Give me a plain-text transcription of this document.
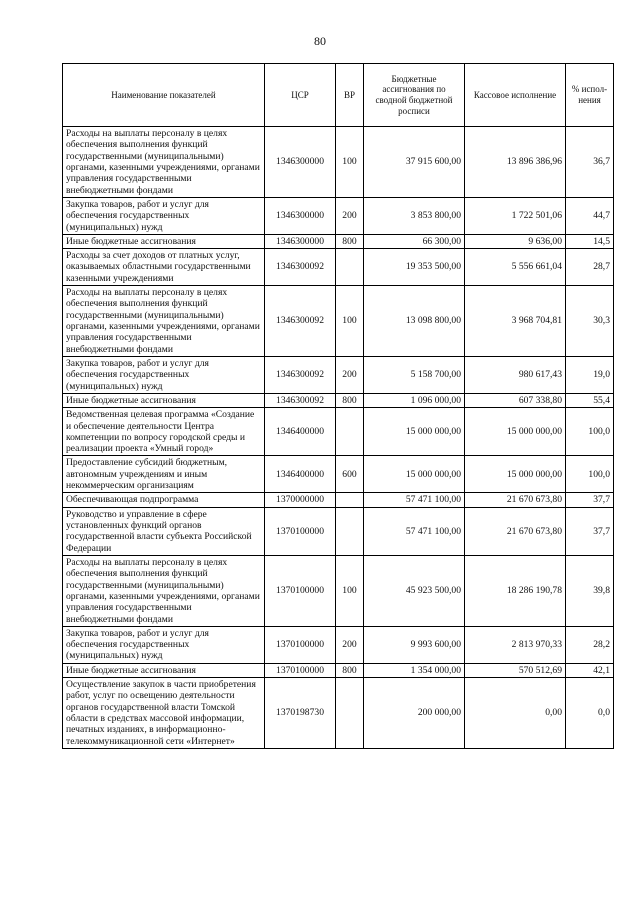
80
Наименование показателей	ЦСР	ВР	Бюджетные ассигнования по сводной бюджетной росписи	Кассовое исполнение	% испол-нения
Расходы на выплаты персоналу в целях обеспечения выполнения функций государственными (муниципальными) органами, казенными учреждениями, органами управления государственными внебюджетными фондами	1346300000	100	37 915 600,00	13 896 386,96	36,7
Закупка товаров, работ и услуг для обеспечения государственных (муниципальных) нужд	1346300000	200	3 853 800,00	1 722 501,06	44,7
Иные бюджетные ассигнования	1346300000	800	66 300,00	9 636,00	14,5
Расходы за счет доходов от платных услуг, оказываемых областными государственными казенными учреждениями	1346300092		19 353 500,00	5 556 661,04	28,7
Расходы на выплаты персоналу в целях обеспечения выполнения функций государственными (муниципальными) органами, казенными учреждениями, органами управления государственными внебюджетными фондами	1346300092	100	13 098 800,00	3 968 704,81	30,3
Закупка товаров, работ и услуг для обеспечения государственных (муниципальных) нужд	1346300092	200	5 158 700,00	980 617,43	19,0
Иные бюджетные ассигнования	1346300092	800	1 096 000,00	607 338,80	55,4
Ведомственная целевая программа «Создание и обеспечение деятельности Центра компетенции по вопросу городской среды и реализации проекта «Умный город»	1346400000		15 000 000,00	15 000 000,00	100,0
Предоставление субсидий бюджетным, автономным учреждениям и иным некоммерческим организациям	1346400000	600	15 000 000,00	15 000 000,00	100,0
Обеспечивающая подпрограмма	1370000000		57 471 100,00	21 670 673,80	37,7
Руководство и управление в сфере установленных функций органов государственной власти субъекта Российской Федерации	1370100000		57 471 100,00	21 670 673,80	37,7
Расходы на выплаты персоналу в целях обеспечения выполнения функций государственными (муниципальными) органами, казенными учреждениями, органами управления государственными внебюджетными фондами	1370100000	100	45 923 500,00	18 286 190,78	39,8
Закупка товаров, работ и услуг для обеспечения государственных (муниципальных) нужд	1370100000	200	9 993 600,00	2 813 970,33	28,2
Иные бюджетные ассигнования	1370100000	800	1 354 000,00	570 512,69	42,1
Осуществление закупок в части приобретения работ, услуг по освещению деятельности органов государственной власти Томской области в средствах массовой информации, печатных изданиях, в информационно-телекоммуникационной сети «Интернет»	1370198730		200 000,00	0,00	0,0
